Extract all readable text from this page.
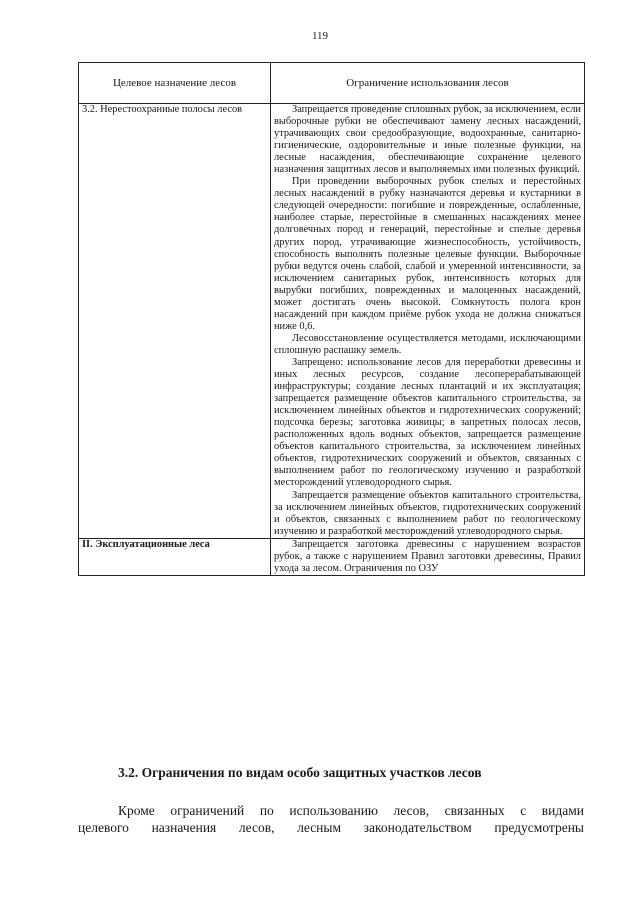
119
Целевое назначение лесов	Ограничение использования лесов
3.2. Нерестоохраниые полосы лесов	Запрещается проведение сплошных рубок, за исключением, если выборочные рубки не обеспечивают замену лесных насаждений, утрачивающих свои средообразующие, водоохранные, санитарно-гигиенические, оздоровительные и иные полезные функции, на лесные насаждения, обеспечивающие сохранение целевого назначения защитных лесов и выполняемых ими полезных функций.

При проведении выборочных рубок спелых и перестойных лесных насаждений в рубку назначаются деревья и кустарники в следующей очередности: погибшие и поврежденные, ослабленные, наиболее старые, перестойные в смешанных насаждениях менее долговечных пород и генераций, перестойные и спелые деревья других пород, утрачивающие жизнеспособность, устойчивость, способность выполнять полезные целевые функции. Выборочные рубки ведутся очень слабой, слабой и умеренной интенсивности, за исключением санитарных рубок, интенсивность которых для вырубки погибших, поврежденных и малоценных насаждений, может достигать очень высокой. Сомкнутость полога крон насаждений при каждом приёме рубок ухода не должна снижаться ниже 0,6.

Лесовосстановление осуществляется методами, исключающими сплошную распашку земель.

Запрещено: использование лесов для переработки древесины и иных лесных ресурсов, создание лесоперерабатывающей инфраструктуры; создание лесных плантаций и их эксплуатация; запрещается размещение объектов капитального строительства, за исключением линейных объектов и гидротехнических сооружений; подсочка березы; заготовка живицы; в запретных полосах лесов, расположенных вдоль водных объектов, запрещается размещение объектов капитального строительства, за исключением линейных объектов, гидротехнических сооружений и объектов, связанных с выполнением работ по геологическому изучению и разработкой месторождений углеводородного сырья.

Запрещается размещение объектов капитального строительства, за исключением линейных объектов, гидротехнических сооружений и объектов, связанных с выполнением работ по геологическому изучению и разработкой месторождений углеводородного сырья.

II. Эксплуатационные леса	Запрещается заготовка древесины с нарушением возрастов рубок, а также с нарушением Правил заготовки древесины, Правил ухода за лесом. Ограничения по ОЗУ

3.2. Ограничения по видам особо защитных участков лесов
Кроме ограничений по использованию лесов, связанных с видами
целевого назначения лесов, лесным законодательством предусмотрены
